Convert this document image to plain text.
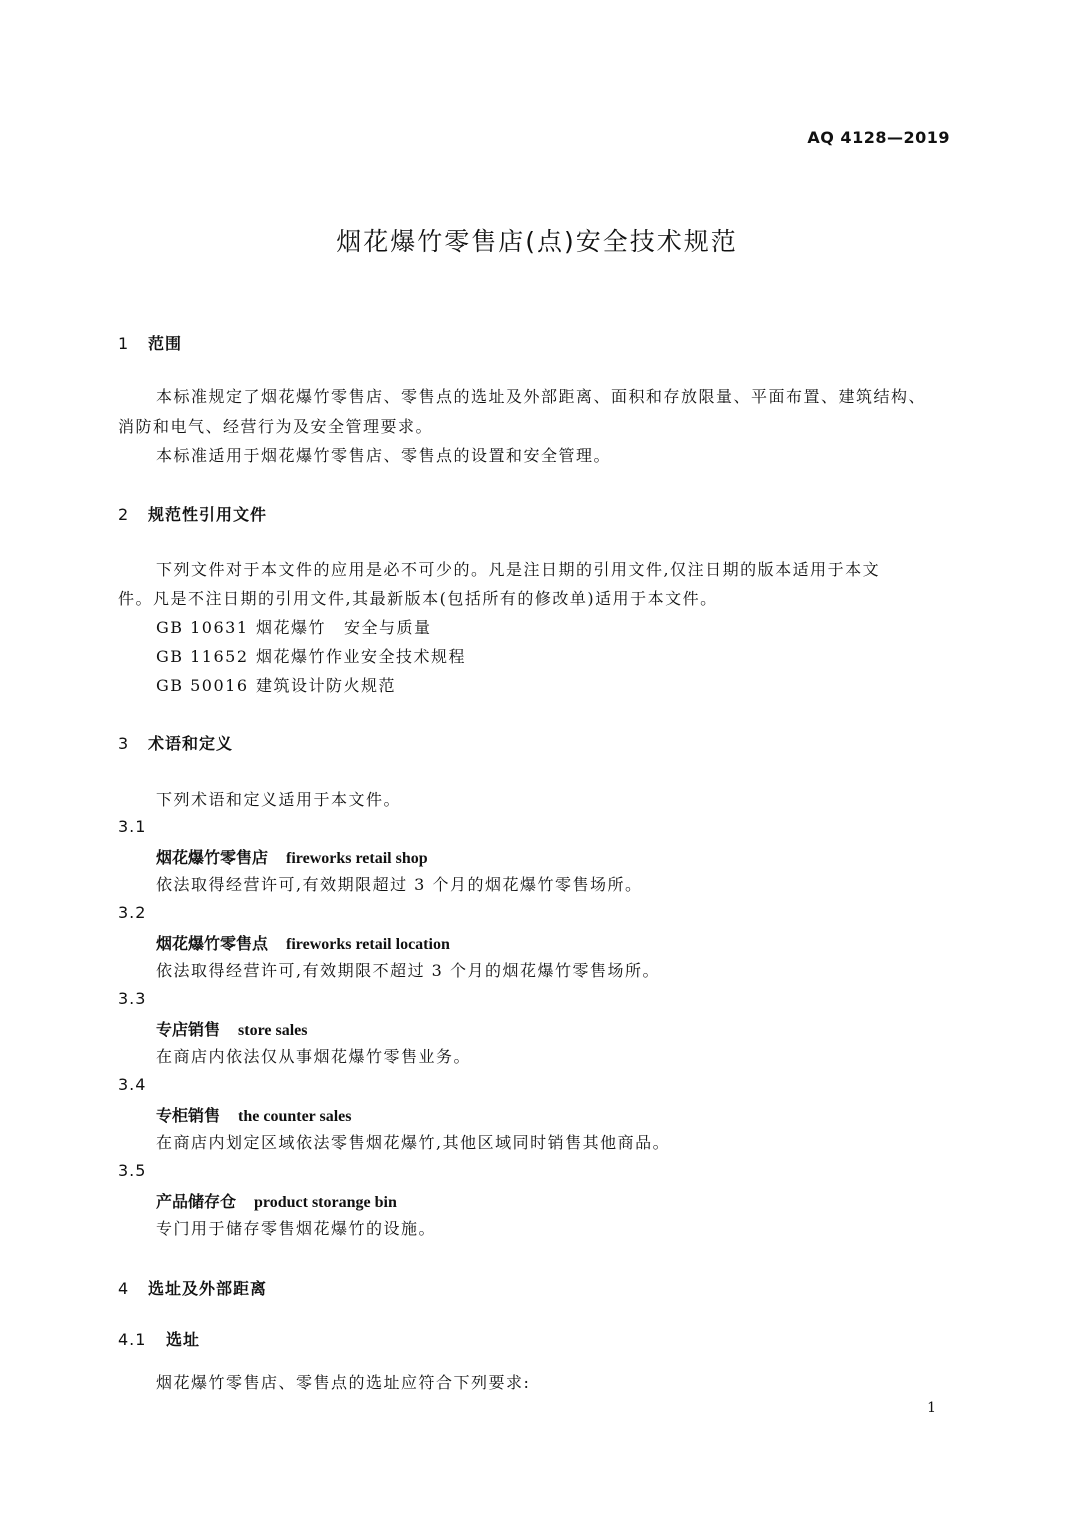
AQ 4128—2019
烟花爆竹零售店(点)安全技术规范
1 范围
本标准规定了烟花爆竹零售店、零售点的选址及外部距离、面积和存放限量、平面布置、建筑结构、
消防和电气、经营行为及安全管理要求。
本标准适用于烟花爆竹零售店、零售点的设置和安全管理。
2 规范性引用文件
下列文件对于本文件的应用是必不可少的。凡是注日期的引用文件,仅注日期的版本适用于本文
件。凡是不注日期的引用文件,其最新版本(包括所有的修改单)适用于本文件。
GB 10631 烟花爆竹 安全与质量
GB 11652 烟花爆竹作业安全技术规程
GB 50016 建筑设计防火规范
3 术语和定义
下列术语和定义适用于本文件。
3.1
烟花爆竹零售店 fireworks retail shop
依法取得经营许可,有效期限超过 3 个月的烟花爆竹零售场所。
3.2
烟花爆竹零售点 fireworks retail location
依法取得经营许可,有效期限不超过 3 个月的烟花爆竹零售场所。
3.3
专店销售 store sales
在商店内依法仅从事烟花爆竹零售业务。
3.4
专柜销售 the counter sales
在商店内划定区域依法零售烟花爆竹,其他区域同时销售其他商品。
3.5
产品储存仓 product storange bin
专门用于储存零售烟花爆竹的设施。
4 选址及外部距离
4.1 选址
烟花爆竹零售店、零售点的选址应符合下列要求:
1
